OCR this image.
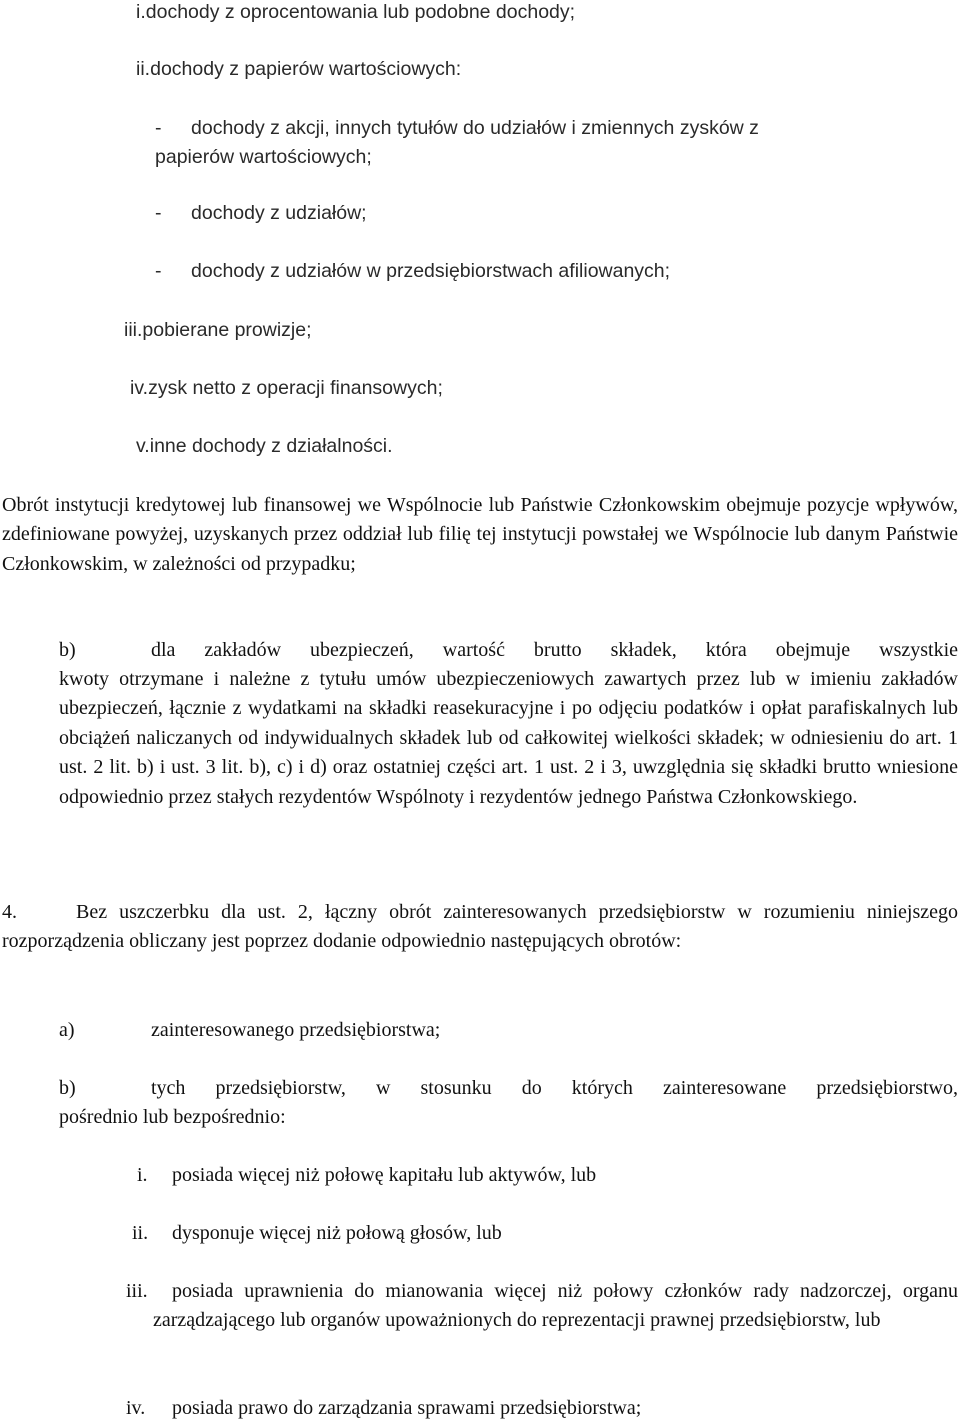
i.dochody z oprocentowania lub podobne dochody;
ii.dochody z papierów wartościowych:
- dochody z akcji, innych tytułów do udziałów i zmiennych zysków z
papierów wartościowych;
- dochody z udziałów;
- dochody z udziałów w przedsiębiorstwach afiliowanych;
iii.pobierane prowizje;
iv.zysk netto z operacji finansowych;
v.inne dochody z działalności.
Obrót instytucji kredytowej lub finansowej we Wspólnocie lub Państwie Członkowskim obejmuje pozycje wpływów, zdefiniowane powyżej, uzyskanych przez oddział lub filię tej instytucji powstałej we Wspólnocie lub danym Państwie Członkowskim, w zależności od przypadku;
b)	dla zakładów ubezpieczeń, wartość brutto składek, która obejmuje wszystkie
kwoty otrzymane i należne z tytułu umów ubezpieczeniowych zawartych przez lub w imieniu zakładów ubezpieczeń, łącznie z wydatkami na składki reasekuracyjne i po odjęciu podatków i opłat parafiskalnych lub obciążeń naliczanych od indywidualnych składek lub od całkowitej wielkości składek; w odniesieniu do art. 1 ust. 2 lit. b) i ust. 3 lit. b), c) i d) oraz ostatniej części art. 1 ust. 2 i 3, uwzględnia się składki brutto wniesione odpowiednio przez stałych rezydentów Wspólnoty i rezydentów jednego Państwa Członkowskiego.
4.	Bez uszczerbku dla ust. 2, łączny obrót zainteresowanych przedsiębiorstw w rozumieniu niniejszego rozporządzenia obliczany jest poprzez dodanie odpowiednio następujących obrotów:
a)	zainteresowanego przedsiębiorstwa;
b)	tych przedsiębiorstw, w stosunku do których zainteresowane przedsiębiorstwo,
pośrednio lub bezpośrednio:
i. posiada więcej niż połowę kapitału lub aktywów, lub
ii. dysponuje więcej niż połową głosów, lub
iii.	posiada uprawnienia do mianowania więcej niż połowy członków rady nadzorczej, organu zarządzającego lub organów upoważnionych do reprezentacji prawnej przedsiębiorstw, lub
iv. posiada prawo do zarządzania sprawami przedsiębiorstwa;
